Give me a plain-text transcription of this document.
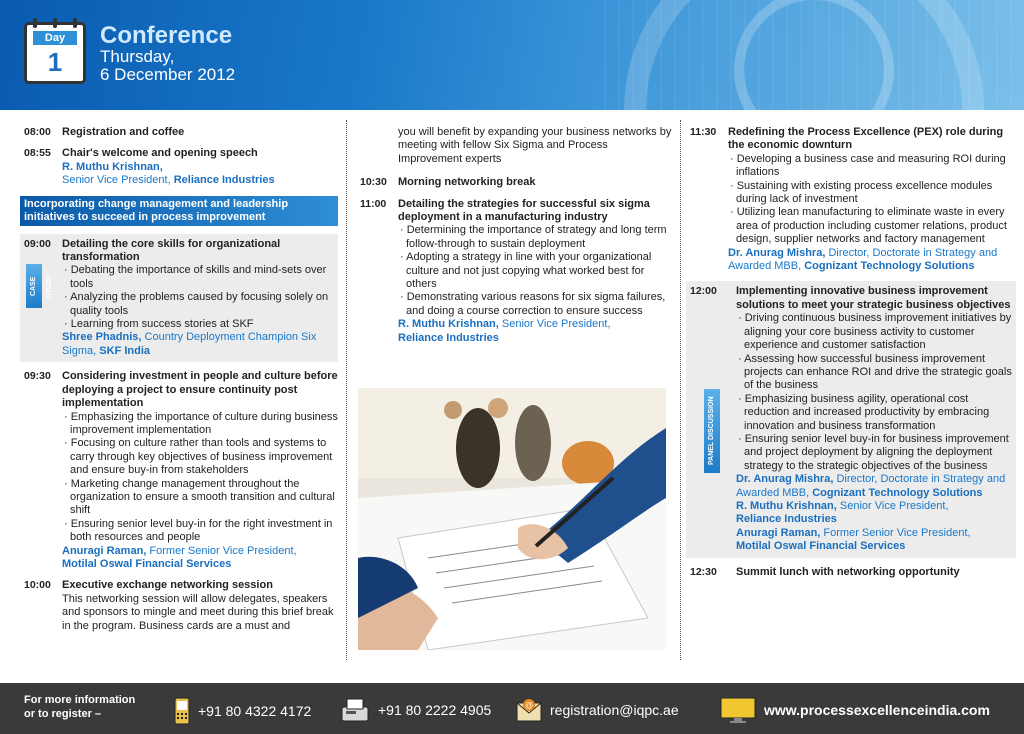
Day
1
Conference
Thursday,
6 December 2012
08:00	Registration and coffee
08:55	Chair's welcome and opening speech
R. Muthu Krishnan,
Senior Vice President, Reliance Industries
Incorporating change management and leadership initiatives to succeed in process improvement
CASE STUDY
09:00	Detailing the core skills for organizational transformation
· Debating the importance of skills and mind-sets over tools
· Analyzing the problems caused by focusing solely on quality tools
· Learning from success stories at SKF
Shree Phadnis, Country Deployment Champion Six Sigma, SKF India
09:30	Considering investment in people and culture before deploying a project to ensure continuity post implementation
· Emphasizing the importance of culture during business improvement implementation
· Focusing on culture rather than tools and systems to carry through key objectives of business improvement and ensure buy-in from stakeholders
· Marketing change management throughout the organization to ensure a smooth transition and cultural shift
· Ensuring senior level buy-in for the right investment in both resources and people
Anuragi Raman, Former Senior Vice President,
Motilal Oswal Financial Services
10:00	Executive exchange networking session
This networking session will allow delegates, speakers and sponsors to mingle and meet during this brief break in the program. Business cards are a must and
you will benefit by expanding your business networks by meeting with fellow Six Sigma and Process Improvement experts
10:30	Morning networking break
11:00	Detailing the strategies for successful six sigma deployment in a manufacturing industry
· Determining the importance of strategy and long term follow-through to sustain deployment
· Adopting a strategy in line with your organizational culture and not just copying what worked best for others
· Demonstrating various reasons for six sigma failures, and doing a course correction to ensure success
R. Muthu Krishnan, Senior Vice President,
Reliance Industries
11:30	Redefining the Process Excellence (PEX) role during the economic downturn
· Developing a business case and measuring ROI during inflations
· Sustaining with existing process excellence modules during lack of investment
· Utilizing lean manufacturing to eliminate waste in every area of production including customer relations, product design, supplier networks and factory management
Dr. Anurag Mishra, Director, Doctorate in Strategy and Awarded MBB, Cognizant Technology Solutions
PANEL DISCUSSION
12:00	Implementing innovative business improvement solutions to meet your strategic business objectives
· Driving continuous business improvement initiatives by aligning your core business activity to customer experience and customer satisfaction
· Assessing how successful business improvement projects can enhance ROI and drive the strategic goals of the business
· Emphasizing business agility, operational cost reduction and increased productivity by embracing innovation and business transformation
· Ensuring senior level buy-in for business improvement and project deployment by aligning the deployment strategy to the strategic objectives of the business
Dr. Anurag Mishra, Director, Doctorate in Strategy and Awarded MBB, Cognizant Technology Solutions
R. Muthu Krishnan, Senior Vice President,
Reliance Industries
Anuragi Raman, Former Senior Vice President,
Motilal Oswal Financial Services
12:30	Summit lunch with networking opportunity
For more information
or to register –	+91 80 4322 4172	+91 80 2222 4905	@ registration@iqpc.ae	www.processexcellenceindia.com
